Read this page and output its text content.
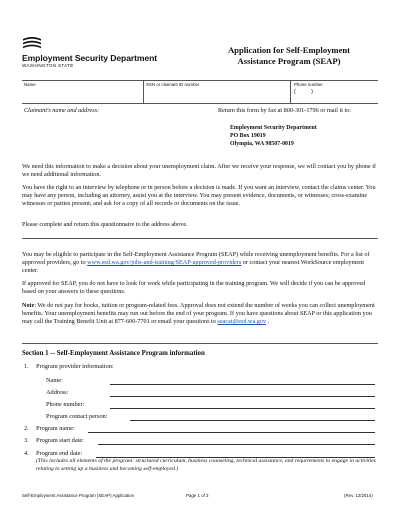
Employment Security Department
WASHINGTON STATE
Application for Self-Employment
Assistance Program (SEAP)
Name	SSN or claimant ID number	Phone number
(          )
Claimant's name and address:	Return this form by fax at 800-301-1796 or mail it to:
Employment Security Department
PO Box 19019
Olympia, WA 98507-0019
We need this information to make a decision about your unemployment claim. After we receive your response, we will contact you by phone if we need additional information.
You have the right to an interview by telephone or in person before a decision is made. If you want an interview, contact the claims center. You may have any person, including an attorney, assist you at the interview. You may present evidence, documents, or witnesses; cross-examine witnesses or parties present; and ask for a copy of all records or documents on the issue.
Please complete and return this questionnaire to the address above.
You may be eligible to participate in the Self-Employment Assistance Program (SEAP) while receiving unemployment benefits. For a list of approved providers, go to www.esd.wa.gov/jobs-and-training/SEAP-approved-providers or contact your nearest WorkSource employment center.
If approved for SEAP, you do not have to look for work while participating in the training program. We will decide if you can be approved based on your answers to these questions.
Note: We do not pay for books, tuition or program-related fees. Approval does not extend the number of weeks you can collect unemployment benefits. Your unemployment benefits may run out before the end of your program. If you have questions about SEAP or this application you may call the Training Benefit Unit at 877-600-7701 or email your questions to seacat@esd.wa.gov .
Section 1 -- Self-Employment Assistance Program information
1. Program provider information:
Name:
Address:
Phone number:
Program contact person:
2. Program name:
3. Program start date:
4. Program end date:
(This includes all elements of the program: structured curriculum, business counseling, technical assistance, and requirements to engage in activities relating to setting up a business and becoming self-employed.)
Self-Employment Assistance Program (SEAP) Application	Page 1 of 3	(Rev. 12/2014)
